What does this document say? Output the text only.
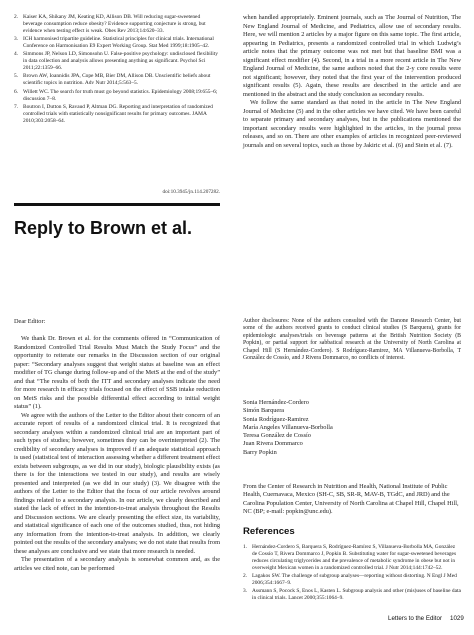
2. Kaiser KA, Shikany JM, Keating KD, Allison DB. Will reducing sugar-sweetened beverage consumption reduce obesity? Evidence supporting conjecture is strong, but evidence when testing effect is weak. Obes Rev 2013;14:620–33.
3. ICH harmonised tripartite guideline. Statistical principles for clinical trials. International Conference on Harmonisation E9 Expert Working Group. Stat Med 1999;18:1905–42.
4. Simmons JP, Nelson LD, Simonsohn U. False-positive psychology: undisclosed flexibility in data collection and analysis allows presenting anything as significant. Psychol Sci 2011;22:1359–66.
5. Brown AW, Ioannidis JPA, Cope MB, Bier DM, Allison DB. Unscientific beliefs about scientific topics in nutrition. Adv Nutr 2014;5:563–5.
6. Willett WC. The search for truth must go beyond statistics. Epidemiology 2008;19:655–6; discussion 7–8.
7. Boutron I, Dutton S, Ravaud P, Altman DG. Reporting and interpretation of randomized controlled trials with statistically nonsignificant results for primary outcomes. JAMA 2010;303:2058–64.
doi:10.3945/jn.114.207282.
Reply to Brown et al.
Dear Editor:

We thank Dr. Brown et al. for the comments offered in “Communication of Randomized Controlled Trial Results Must Match the Study Focus” and the opportunity to reiterate our remarks in the Discussion section of our original paper: “Secondary analyses suggest that weight status at baseline was an effect modifier of TG change during follow-up and of the MetS at the end of the study” and that “The results of both the ITT and secondary analyses indicate the need for more research in efficacy trials focused on the effect of SSB intake reduction on MetS risks and the possible differential effect according to initial weight status” (1).

We agree with the authors of the Letter to the Editor about their concern of an accurate report of results of a randomized clinical trial. It is recognized that secondary analyses within a randomized clinical trial are an important part of such types of studies; however, sometimes they can be overinterpreted (2). The credibility of secondary analyses is improved if an adequate statistical approach is used (statistical test of interaction assessing whether a different treatment effect exists between subgroups, as we did in our study), biologic plausibility exists (as there is for the interactions we tested in our study), and results are wisely presented and interpreted (as we did in our study) (3). We disagree with the authors of the Letter to the Editor that the focus of our article revolves around findings related to a secondary analysis. In our article, we clearly described and stated the lack of effect in the intention-to-treat analysis throughout the Results and Discussion sections. We are clearly presenting the effect size, its variability, and statistical significance of each one of the outcomes studied, thus, not hiding any information from the intention-to-treat analysis. In addition, we clearly pointed out the results of the secondary analyses; we do not state that results from these analyses are conclusive and we state that more research is needed.

The presentation of a secondary analysis is somewhat common and, as the articles we cited note, can be performed

when handled appropriately. Eminent journals, such as The Journal of Nutrition, The New England Journal of Medicine, and Pediatrics, allow use of secondary results. Here, we will mention 2 articles by a major figure on this same topic. The first article, appearing in Pediatrics, presents a randomized controlled trial in which Ludwig’s article notes that the primary outcome was not met but that baseline BMI was a significant effect modifier (4). Second, in a trial in a more recent article in The New England Journal of Medicine, the same authors noted that the 2-y core results were not significant; however, they noted that the first year of the intervention produced significant results (5). Again, these results are described in the article and are mentioned in the abstract and the study conclusion as secondary results.

We follow the same standard as that noted in the article in The New England Journal of Medicine (5) and in the other articles we have cited. We have been careful to separate primary and secondary analyses, but in the publications mentioned the important secondary results were highlighted in the articles, in the journal press releases, and so on. There are other examples of articles in recognized peer-reviewed journals and on several topics, such as those by Jakiric et al. (6) and Stein et al. (7).

Author disclosures: None of the authors consulted with the Danone Research Center, but some of the authors received grants to conduct clinical studies (S Barquera), grants for epidemiologic analyses/trials on beverage patterns at the British Nutrition Society (B Popkin), or partial support for sabbatical research at the University of North Carolina at Chapel Hill (S Hernández-Cordero). S Rodríguez-Ramirez, MA Villanueva-Borbolla, T González de Cossío, and J Rivera Dommarco, no conflicts of interest.
Sonia Hernández-Cordero
Simón Barquera
Sonia Rodríguez-Ramirez
María Angeles Villanueva-Borbolla
Teresa González de Cossío
Juan Rivera Dommarco
Barry Popkin
From the Center of Research in Nutrition and Health, National Institute of Public Health, Cuernavaca, Mexico (SH-C, SB, SR-R, MAV-B, TGdC, and JRD) and the Carolina Population Center, University of North Carolina at Chapel Hill, Chapel Hill, NC (BP; e-mail: popkin@unc.edu).
References
1. Hernández-Cordero S, Barquera S, Rodríguez-Ramírez S, Villanueva-Borbolla MA, González de Cossío T, Rivera Dommarco J, Popkin B. Substituting water for sugar-sweetened beverages reduces circulating triglycerides and the prevalence of metabolic syndrome in obese but not in overweight Mexican women in a randomized controlled trial. J Nutr 2014;144:1742–52.
2. Lagakos SW. The challenge of subgroup analyses—reporting without distorting. N Engl J Med 2006;354:1667–9.
3. Assmann S, Pocock S, Enos L, Kasten L. Subgroup analysis and other (mis)uses of baseline data in clinical trials. Lancet 2000;355:1064–9.
Letters to the Editor 1029
